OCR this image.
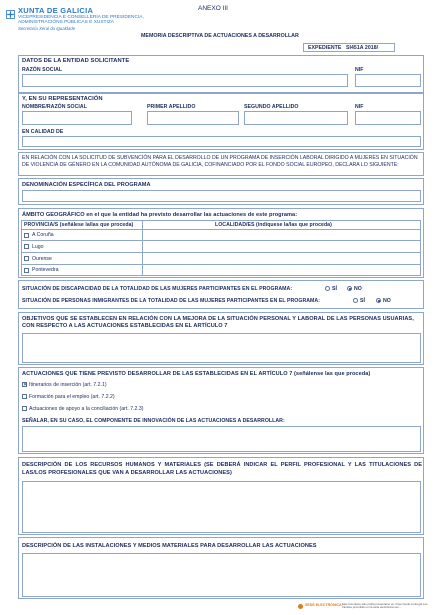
XUNTA DE GALICIA
VICEPRESIDENCIA E CONSELLERÍA DE PRESIDENCIA,
ADMINISTRACIÓNS PÚBLICAS E XUSTIZA
Secretaría Xeral da Igualdade
ANEXO III
MEMORIA DESCRIPTIVA DE ACTUACIONES A DESARROLLAR
EXPEDIENTE SI451A 2018/
DATOS DE LA ENTIDAD SOLICITANTE
RAZÓN SOCIAL	NIF
Y, EN SU REPRESENTACIÓN
NOMBRE/RAZÓN SOCIAL	PRIMER APELLIDO	SEGUNDO APELLIDO	NIF
EN CALIDAD DE
EN RELACIÓN CON LA SOLICITUD DE SUBVENCIÓN PARA EL DESARROLLO DE UN PROGRAMA DE INSERCIÓN LABORAL DIRIGIDO A MUJERES EN SITUACIÓN DE VIOLENCIA DE GÉNERO EN LA COMUNIDAD AUTÓNOMA DE GALICIA, COFINANCIADO POR EL FONDO SOCIAL EUROPEO, DECLARA LO SIGUIENTE:
DENOMINACIÓN ESPECÍFICA DEL PROGRAMA
ÁMBITO GEOGRÁFICO en el que la entidad ha previsto desarrollar las actuaciones de este programa:
PROVINCIA/S (señálese la/las que proceda)	LOCALIDAD/ES (indíquese la/las que proceda)
A Coruña
Lugo
Ourense
Pontevedra
SITUACIÓN DE DISCAPACIDAD DE LA TOTALIDAD DE LAS MUJERES PARTICIPANTES EN EL PROGRAMA:	SÍ	NO
SITUACIÓN DE PERSONAS INMIGRANTES DE LA TOTALIDAD DE LAS MUJERES PARTICIPANTES EN EL PROGRAMA:	SÍ	NO
OBJETIVOS QUE SE ESTABLECEN EN RELACIÓN CON LA MEJORA DE LA SITUACIÓN PERSONAL Y LABORAL DE LAS PERSONAS USUARIAS, CON RESPECTO A LAS ACTUACIONES ESTABLECIDAS EN EL ARTÍCULO 7
ACTUACIONES QUE TIENE PREVISTO DESARROLLAR DE LAS ESTABLECIDAS EN EL ARTÍCULO 7 (señálense las que proceda)
✕ Itinerarios de inserción (art. 7.2.1)
Formación para el empleo (art. 7.2.2)
Actuaciones de apoyo a la conciliación (art. 7.2.3)
SEÑALAR, EN SU CASO, EL COMPONENTE DE INNOVACIÓN DE LAS ACTUACIONES A DESARROLLAR:
DESCRIPCIÓN DE LOS RECURSOS HUMANOS Y MATERIALES (SE DEBERÁ INDICAR EL PERFIL PROFESIONAL Y LAS TITULACIONES DE LAS/LOS PROFESIONALES QUE VAN A DESARROLLAR LAS ACTUACIONES)
DESCRIPCIÓN DE LAS INSTALACIONES Y MEDIOS MATERIALES PARA DESARROLLAR LAS ACTUACIONES
SEDE ELECTRÓNICA Este formulario sólo podrá presentarse en: https://sede.xunta.gal Los trámites permitidos en la sede electrónica son...
